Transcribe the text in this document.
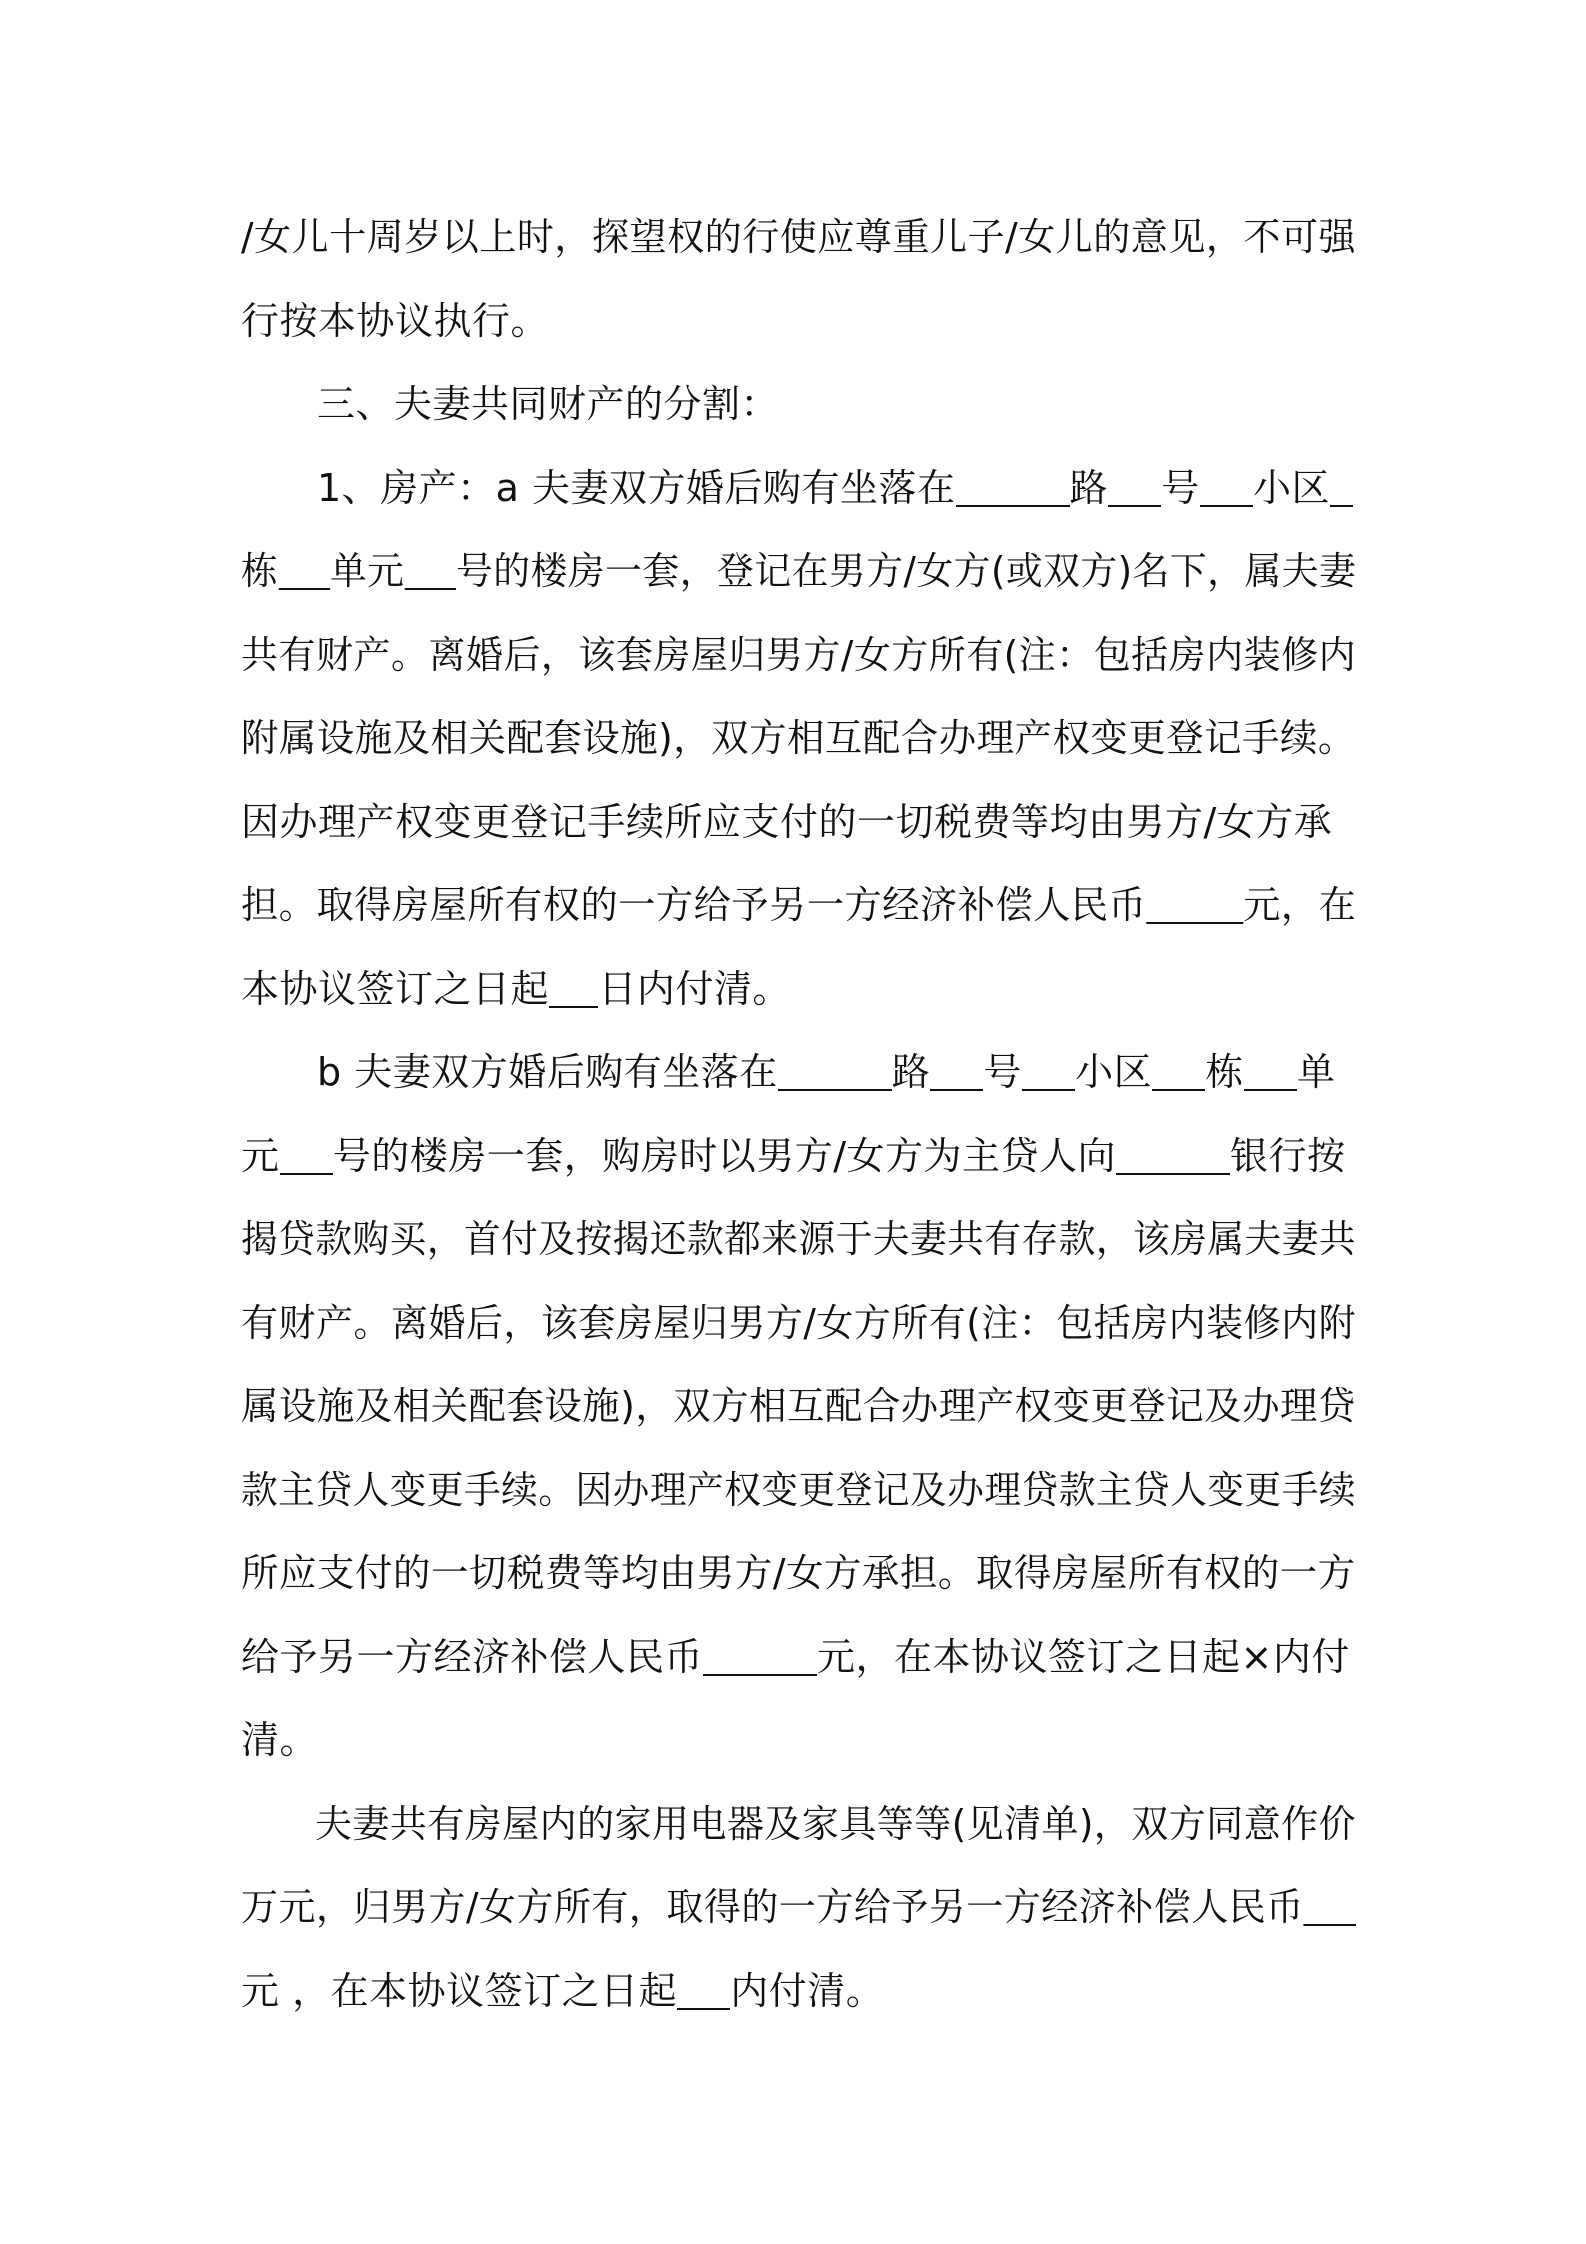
/女儿十周岁以上时，探望权的行使应尊重儿子/女儿的意见，不可强
行按本协议执行。

三、夫妻共同财产的分割：

1、房产：a 夫妻双方婚后购有坐落在	路 号 小区
栋 单元 号的楼房一套，登记在男方/女方(或双方)名下，属夫妻
共有财产。离婚后，该套房屋归男方/女方所有(注：包括房内装修内
附属设施及相关配套设施)，双方相互配合办理产权变更登记手续。
因办理产权变更登记手续所应支付的一切税费等均由男方/女方承
担。取得房屋所有权的一方给予另一方经济补偿人民币	元，在
本协议签订之日起 日内付清。

b 夫妻双方婚后购有坐落在	路 号 小区 栋 单
元 号的楼房一套，购房时以男方/女方为主贷人向	银行按
揭贷款购买，首付及按揭还款都来源于夫妻共有存款，该房属夫妻共
有财产。离婚后，该套房屋归男方/女方所有(注：包括房内装修内附
属设施及相关配套设施)，双方相互配合办理产权变更登记及办理贷
款主贷人变更手续。因办理产权变更登记及办理贷款主贷人变更手续
所应支付的一切税费等均由男方/女方承担。取得房屋所有权的一方
给予另一方经济补偿人民币	元，在本协议签订之日起×内付
清。

夫妻共有房屋内的家用电器及家具等等(见清单)，双方同意作价
万元，归男方/女方所有，取得的一方给予另一方经济补偿人民币
元 ，在本协议签订之日起 内付清。
